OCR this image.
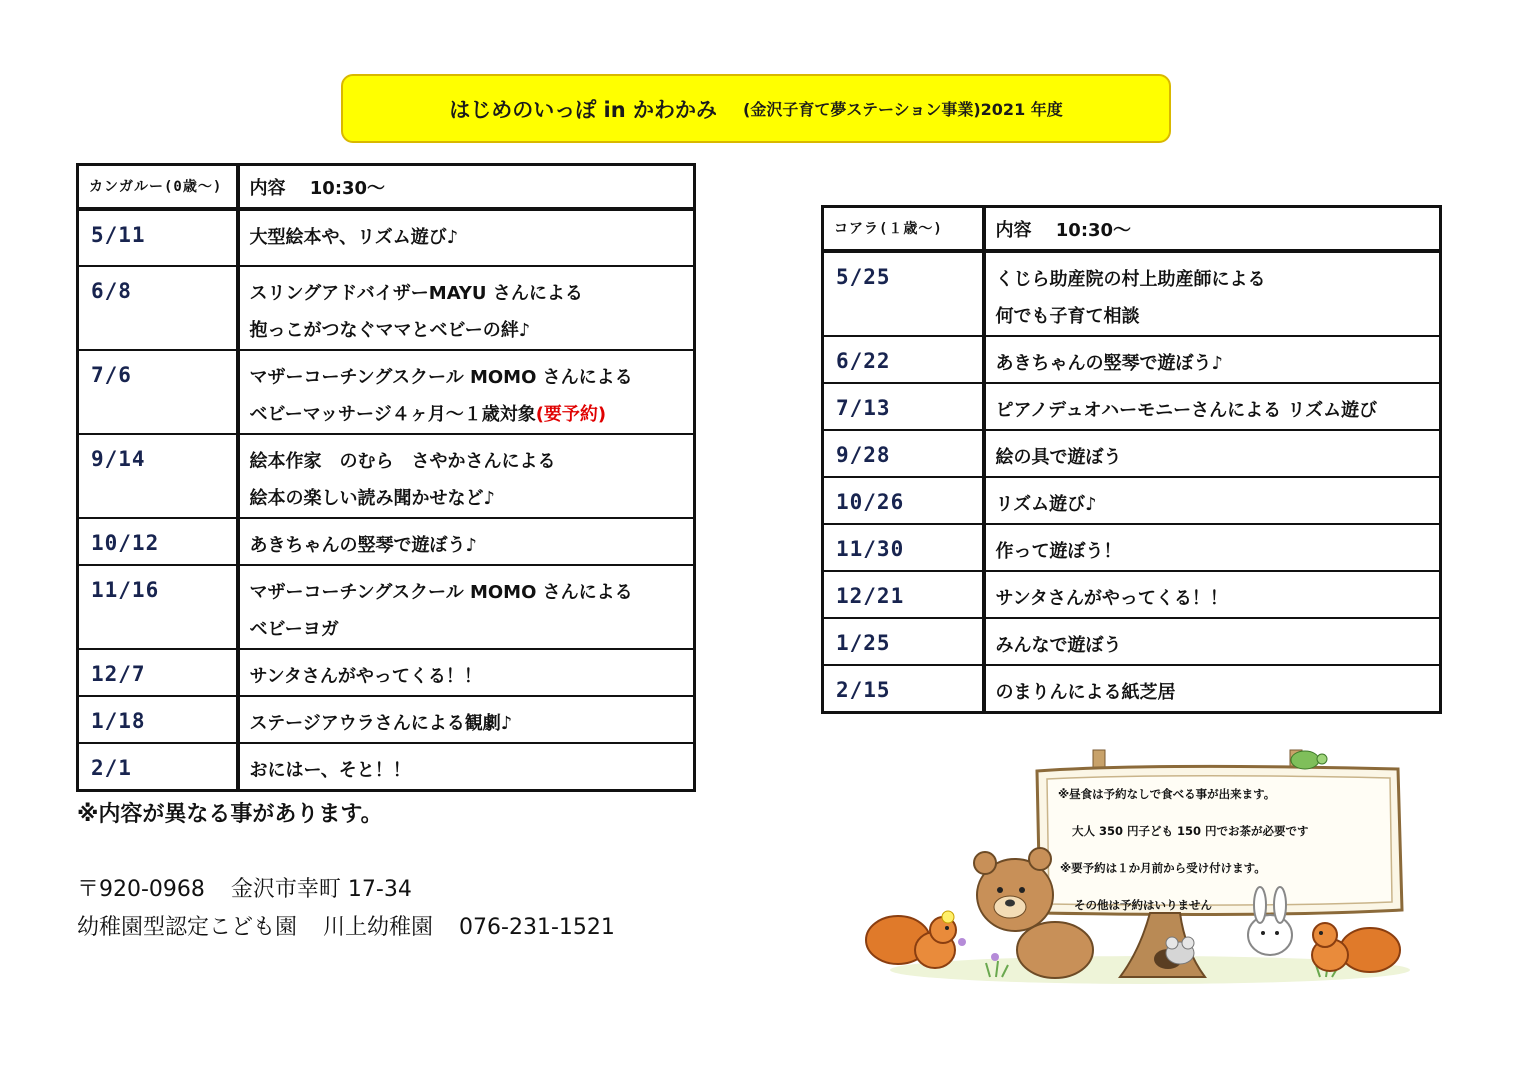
はじめのいっぽ in かわかみ (金沢子育て夢ステーション事業)2021 年度
カンガルー(0歳～)	内容　 10:30～
5/11	大型絵本や、リズム遊び♪

6/8	スリングアドバイザーMAYU さんによる
抱っこがつなぐママとベビーの絆♪

7/6	マザーコーチングスクール MOMO さんによる
ベビーマッサージ４ヶ月～１歳対象(要予約)

9/14	絵本作家　のむら　さやかさんによる
絵本の楽しい読み聞かせなど♪

10/12	あきちゃんの竪琴で遊ぼう♪

11/16	マザーコーチングスクール MOMO さんによる
ベビーヨガ

12/7	サンタさんがやってくる！！

1/18	ステージアウラさんによる観劇♪

2/1	おにはー、そと！！
コアラ(１歳～)	内容　 10:30～
5/25	くじら助産院の村上助産師による
何でも子育て相談

6/22	あきちゃんの竪琴で遊ぼう♪

7/13	ピアノデュオハーモニーさんによる リズム遊び

9/28	絵の具で遊ぼう

10/26	リズム遊び♪

11/30	作って遊ぼう！

12/21	サンタさんがやってくる！！

1/25	みんなで遊ぼう

2/15	のまりんによる紙芝居
※内容が異なる事があります。
〒920-0968 金沢市幸町 17-34
幼稚園型認定こども園 川上幼稚園 076-231-1521
※昼食は予約なしで食べる事が出来ます。
大人 350 円子ども 150 円でお茶が必要です
※要予約は１か月前から受け付けます。
その他は予約はいりません
